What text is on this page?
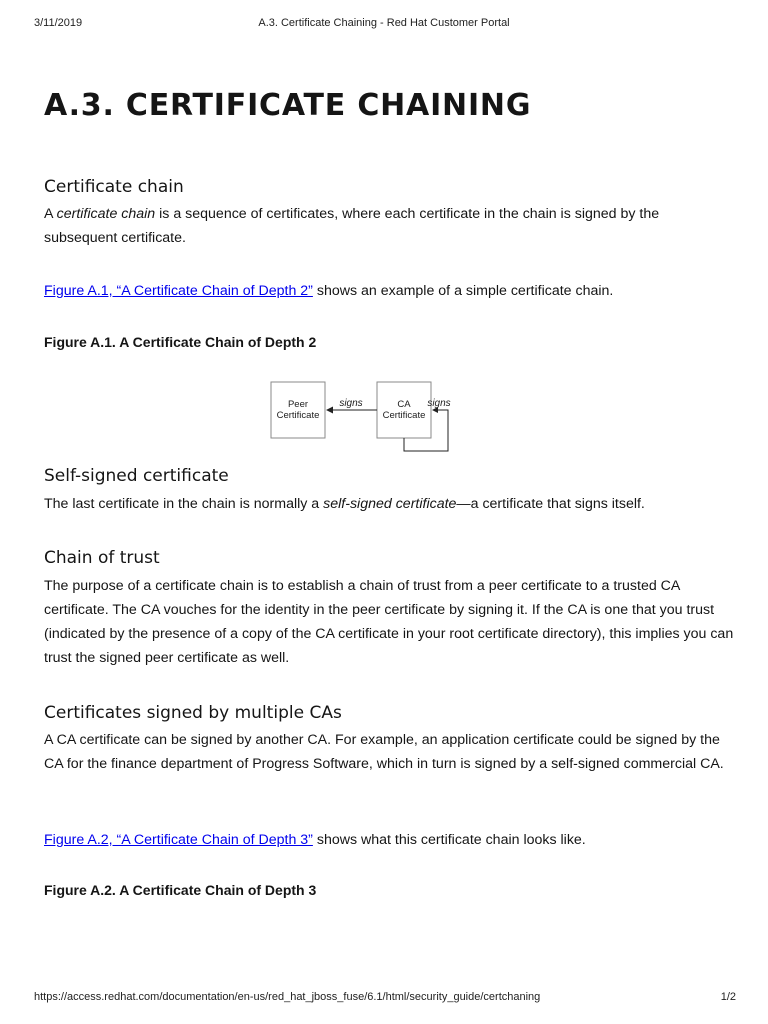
3/11/2019	A.3. Certificate Chaining - Red Hat Customer Portal
A.3. CERTIFICATE CHAINING
Certificate chain

A certificate chain is a sequence of certificates, where each certificate in the chain is signed by the subsequent certificate.

Figure A.1, “A Certificate Chain of Depth 2” shows an example of a simple certificate chain.

Figure A.1. A Certificate Chain of Depth 2
Self-signed certificate

The last certificate in the chain is normally a self-signed certificate—a certificate that signs itself.

Chain of trust

The purpose of a certificate chain is to establish a chain of trust from a peer certificate to a trusted CA certificate. The CA vouches for the identity in the peer certificate by signing it. If the CA is one that you trust (indicated by the presence of a copy of the CA certificate in your root certificate directory), this implies you can trust the signed peer certificate as well.

Certificates signed by multiple CAs

A CA certificate can be signed by another CA. For example, an application certificate could be signed by the CA for the finance department of Progress Software, which in turn is signed by a self-signed commercial CA.

Figure A.2, “A Certificate Chain of Depth 3” shows what this certificate chain looks like.

Figure A.2. A Certificate Chain of Depth 3
Peer
Certificate
CA
Certificate
signs	signs
https://access.redhat.com/documentation/en-us/red_hat_jboss_fuse/6.1/html/security_guide/certchaning	1/2
